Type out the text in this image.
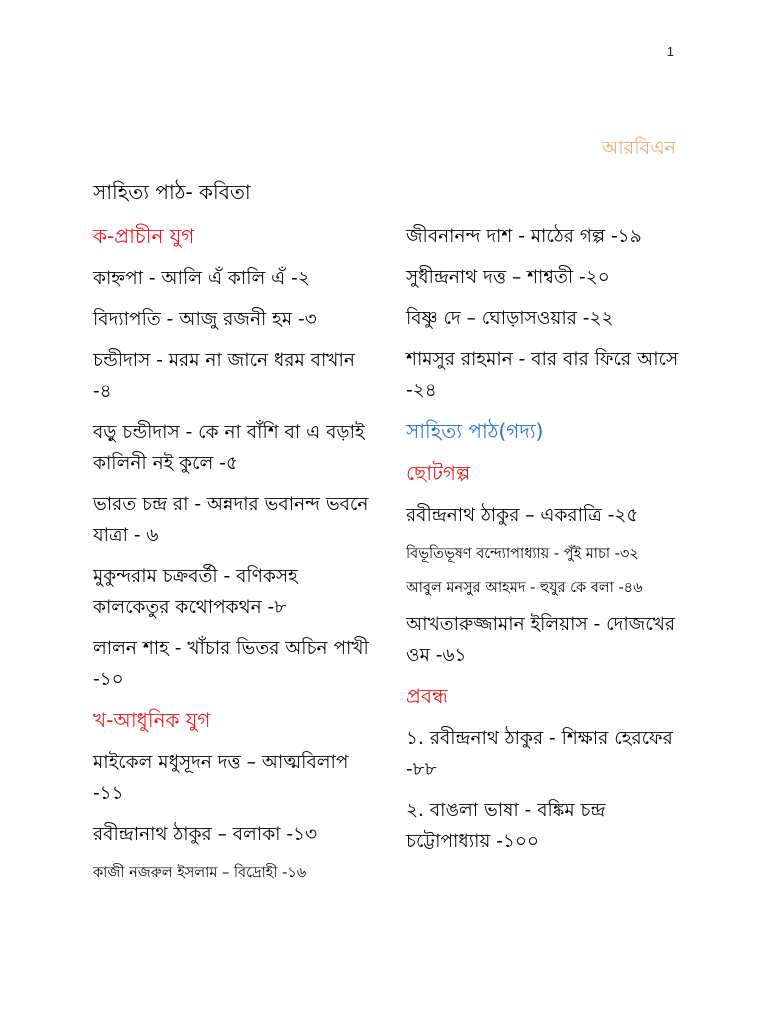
1
আরবিএন
সাহিত্য পাঠ- কবিতা
ক-প্রাচীন যুগ
কাহ্নপা - আলি এঁ কালি এঁ -২
বিদ্যাপতি - আজু রজনী হম -৩
চন্ডীদাস - মরম না জানে ধরম বাখান -৪
বড়ু চন্ডীদাস - কে না বাঁশি বা এ বড়াই কালিনী নই কুলে -৫
ভারত চন্দ্র রা - অন্নদার ভবানন্দ ভবনে যাত্রা - ৬
মুকুন্দরাম চক্রবর্তী - বণিকসহ কালকেতুর কথোপকথন -৮
লালন শাহ - খাঁচার ভিতর অচিন পাখী -১০
খ-আধুনিক যুগ
মাইকেল মধুসূদন দত্ত – আত্মবিলাপ -১১
রবীন্দ্রানাথ ঠাকুর – বলাকা -১৩
কাজী নজরুল ইসলাম – বিদ্রোহী -১৬
জীবনানন্দ দাশ - মাঠের গল্প -১৯
সুধীন্দ্রনাথ দত্ত – শাশ্বতী -২০
বিষ্ণু দে – ঘোড়াসওয়ার -২২
শামসুর রাহমান - বার বার ফিরে আসে -২৪
সাহিত্য পাঠ(গদ্য)
ছোটগল্প
রবীন্দ্রনাথ ঠাকুর – একরাত্রি -২৫
বিভূতিভূষণ বন্দ্যোপাধ্যায় - পুঁই মাচা -৩২
আবুল মনসুর আহমদ - হুযুর কে বলা -৪৬
আখতারুজ্জামান ইলিয়াস - দোজখের ওম -৬১
প্রবন্ধ
১. রবীন্দ্রনাথ ঠাকুর - শিক্ষার হেরফের -৮৮
২. বাঙলা ভাষা - বঙ্কিম চন্দ্র চট্টোপাধ্যায় -১০০
